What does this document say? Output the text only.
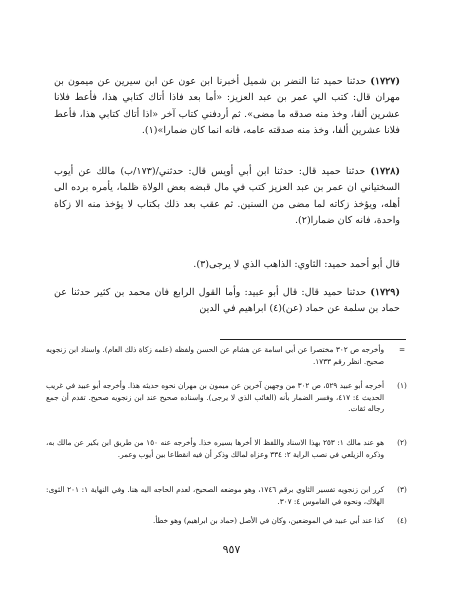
(١٧٢٧) حدثنا حميد ثنا النضر بن شميل أخبرنا ابن عون عن ابن سيرين عن ميمون بن مهران قال: كتب الي عمر بن عبد العزيز: «أما بعد فاذا أتاك كتابي هذا، فأعط فلانا عشرين ألفا، وخذ منه صدقه ما مضى». ثم أردفني كتاب آخر «اذا أتاك كتابي هذا، فأعط فلانا عشرين ألفا، وخذ منه صدقته عامه، فانه انما كان ضمارا»(١).

(١٧٢٨) حدثنا حميد قال: حدثنا ابن أبي أويس قال: حدثني/(١٧٣/ب) مالك عن أيوب السختياني ان عمر بن عبد العزيز كتب في مال قبضه بعض الولاة ظلما، يأمره برده الى أهله، ويؤخذ زكاته لما مضى من السنين. ثم عقب بعد ذلك بكتاب لا يؤخذ منه الا زكاة واحدة، فانه كان ضمارا(٢).

قال أبو أحمد حميد: الثاوي: الذاهب الذي لا يرجى(٣).

(١٧٢٩) حدثنا حميد قال: قال أبو عبيد: وأما القول الرابع فان محمد بن كثير حدثنا عن حماد بن سلمة عن حماد (عن)(٤) ابراهيم في الدين

=
وأخرجه ص ٣٠٢ مختصرا عن أبي اسامة عن هشام عن الحسن ولفظه (علمه زكاة ذلك العام). واسناد ابن زنجويه صحيح. انظر رقم ١٧٣٣.
(١)
أخرجه أبو عبيد ٥٢٩، ص ٣٠٢ من وجهين آخرين عن ميمون بن مهران نحوه حديثه هذا. وأخرجه أبو عبيد في غريب الحديث ٤: ٤١٧، وفسر الضمار بأنه (الغائب الذي لا يرجى). واسناده صحيح عند ابن زنجويه صحيح. تقدم أن جمع رجاله ثقات.
(٢)
هو عند مالك ١: ٢٥٣ بهذا الاسناد واللفظ الا أخرها بسيره خذا. وأخرجه عنه ١٥٠ من طريق ابن بكير عن مالك به، وذكره الزيلعي في نصب الراية ٢: ٣٣٤ وعزاه لمالك وذكر أن فيه انقطاعا بين أيوب وعمر.
(٣)
كرر ابن زنجويه تفسير الثاوي برقم ١٧٤٦، وهو موضعه الصحيح، لعدم الحاجه اليه هنا. وفي النهاية ١: ٢٠١ الثوى: الهلاك، ونحوه في القاموس ٤: ٣٠٧.
(٤)
كذا عند أبي عبيد في الموضعين، وكان في الأصل (حماد بن ابراهيم) وهو خطأ.
٩٥٧
